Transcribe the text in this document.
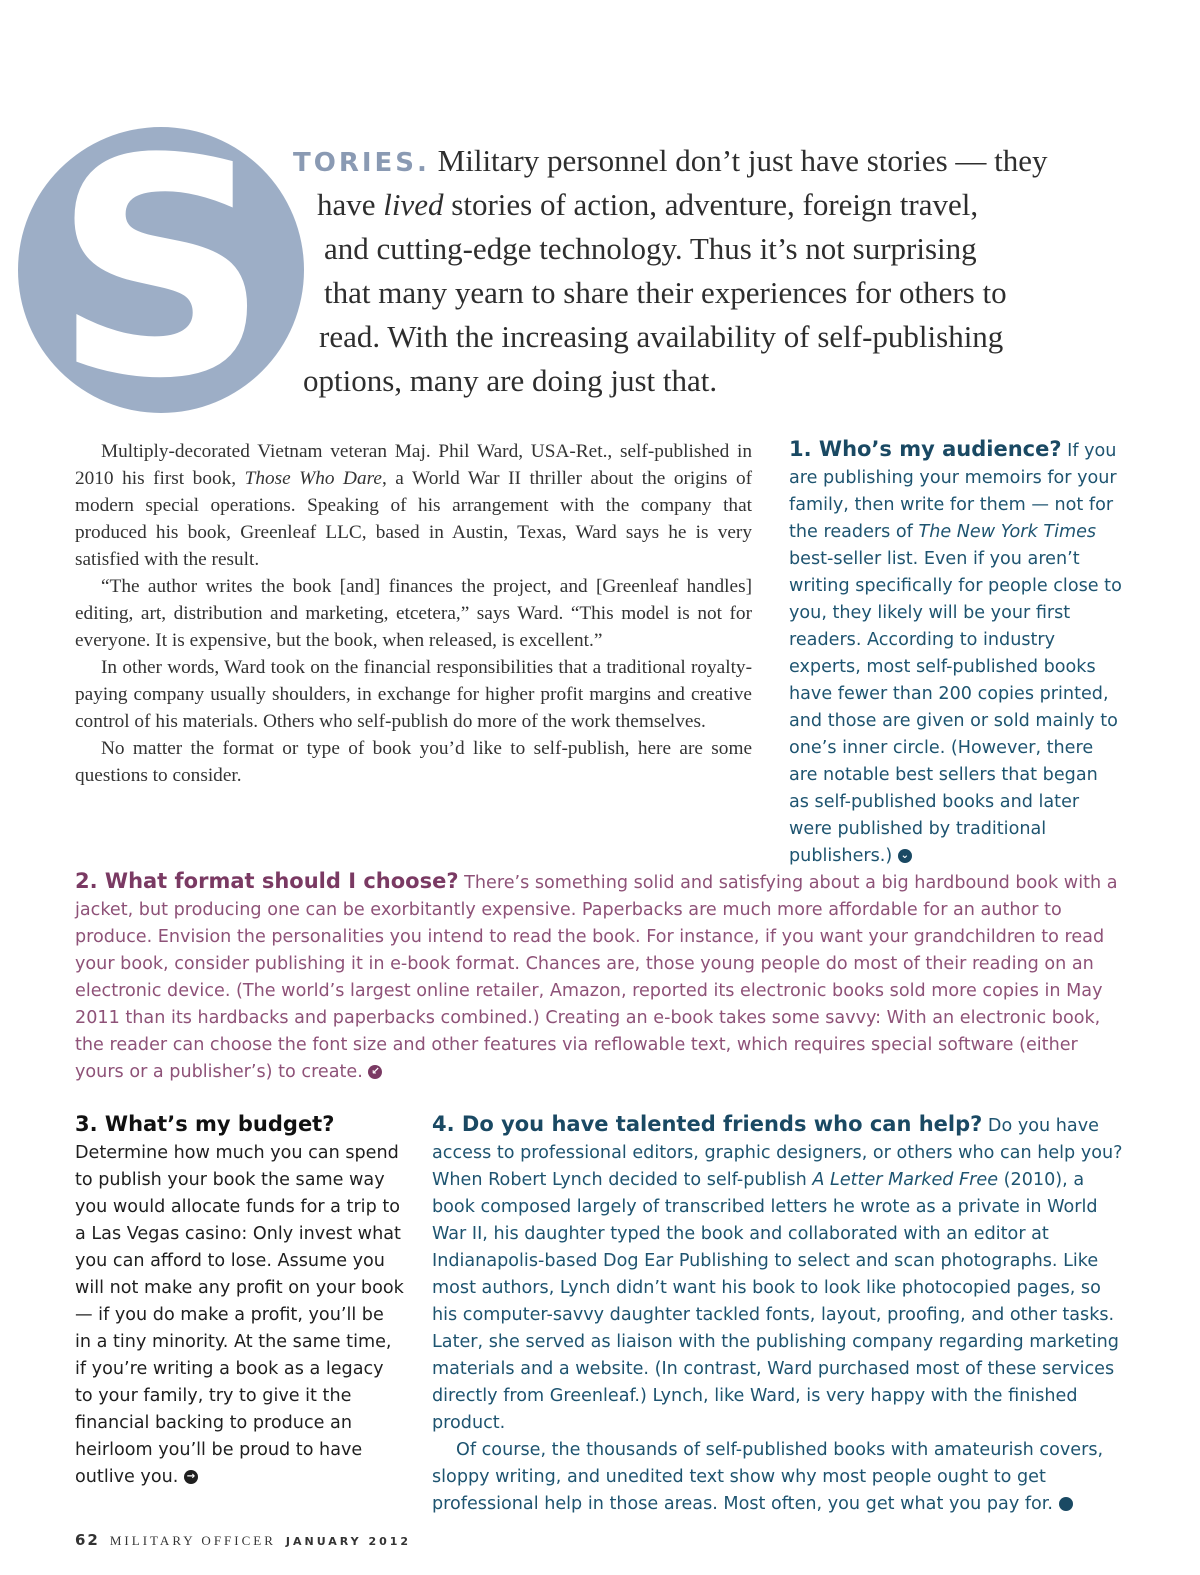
S TORIES. Military personnel don’t just have stories — they
have lived stories of action, adventure, foreign travel,
and cutting-edge technology. Thus it’s not surprising
that many yearn to share their experiences for others to
read. With the increasing availability of self-publishing
options, many are doing just that.

Multiply-decorated Vietnam veteran Maj. Phil Ward, USA-Ret., self-published in 2010 his first book, Those Who Dare, a World War II thriller about the origins of modern special operations. Speaking of his arrangement with the company that produced his book, Greenleaf LLC, based in Austin, Texas, Ward says he is very satisfied with the result.

“The author writes the book [and] finances the project, and [Greenleaf handles] editing, art, distribution and marketing, etcetera,” says Ward. “This model is not for everyone. It is expensive, but the book, when released, is excellent.”

In other words, Ward took on the financial responsibilities that a traditional royalty-paying company usually shoulders, in exchange for higher profit margins and creative control of his materials. Others who self-publish do more of the work themselves.

No matter the format or type of book you’d like to self-publish, here are some questions to consider.

1. Who’s my audience? If you are publishing your memoirs for your family, then write for them — not for the readers of The New York Times best-seller list. Even if you aren’t writing specifically for people close to you, they likely will be your first readers. According to industry experts, most self-published books have fewer than 200 copies printed, and those are given or sold mainly to one’s inner circle. (However, there are notable best sellers that began as self-published books and later were published by traditional publishers.) ⌄

2. What format should I choose? There’s something solid and satisfying about a big hardbound book with a jacket, but producing one can be exorbitantly expensive. Paperbacks are much more affordable for an author to produce. Envision the personalities you intend to read the book. For instance, if you want your grandchildren to read your book, consider publishing it in e-book format. Chances are, those young people do most of their reading on an electronic device. (The world’s largest online retailer, Amazon, reported its electronic books sold more copies in May 2011 than its hardbacks and paperbacks combined.) Creating an e-book takes some savvy: With an electronic book, the reader can choose the font size and other features via reflowable text, which requires special software (either yours or a publisher’s) to create. ↙

3. What’s my budget? Determine how much you can spend to publish your book the same way you would allocate funds for a trip to a Las Vegas casino: Only invest what you can afford to lose. Assume you will not make any profit on your book — if you do make a profit, you’ll be in a tiny minority. At the same time, if you’re writing a book as a legacy to your family, try to give it the financial backing to produce an heirloom you’ll be proud to have outlive you. →

4. Do you have talented friends who can help? Do you have access to professional editors, graphic designers, or others who can help you? When Robert Lynch decided to self-publish A Letter Marked Free (2010), a book composed largely of transcribed letters he wrote as a private in World War II, his daughter typed the book and collaborated with an editor at Indianapolis-based Dog Ear Publishing to select and scan photographs. Like most authors, Lynch didn’t want his book to look like photocopied pages, so his computer-savvy daughter tackled fonts, layout, proofing, and other tasks. Later, she served as liaison with the publishing company regarding marketing materials and a website. (In contrast, Ward purchased most of these services directly from Greenleaf.) Lynch, like Ward, is very happy with the finished product.

Of course, the thousands of self-published books with amateurish covers, sloppy writing, and unedited text show why most people ought to get professional help in those areas. Most often, you get what you pay for. ↗

62 MILITARY OFFICER JANUARY 2012
